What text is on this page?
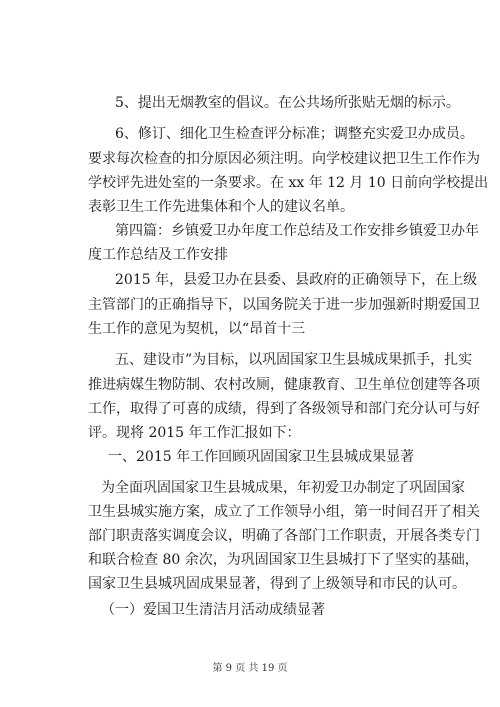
5、提出无烟教室的倡议。在公共场所张贴无烟的标示。
6、修订、细化卫生检查评分标准；调整充实爱卫办成员。
要求每次检查的扣分原因必须注明。向学校建议把卫生工作作为
学校评先进处室的一条要求。在 xx 年 12 月 10 日前向学校提出
表彰卫生工作先进集体和个人的建议名单。
第四篇：乡镇爱卫办年度工作总结及工作安排乡镇爱卫办年
度工作总结及工作安排
2015 年，县爱卫办在县委、县政府的正确领导下，在上级
主管部门的正确指导下，以国务院关于进一步加强新时期爱国卫
生工作的意见为契机，以“昂首十三
五、建设市”为目标，以巩固国家卫生县城成果抓手，扎实
推进病媒生物防制、农村改厕，健康教育、卫生单位创建等各项
工作，取得了可喜的成绩，得到了各级领导和部门充分认可与好
评。现将 2015 年工作汇报如下：
一、2015 年工作回顾巩固国家卫生县城成果显著
为全面巩固国家卫生县城成果，年初爱卫办制定了巩固国家
卫生县城实施方案，成立了工作领导小组，第一时间召开了相关
部门职责落实调度会议，明确了各部门工作职责，开展各类专门
和联合检查 80 余次，为巩固国家卫生县城打下了坚实的基础，
国家卫生县城巩固成果显著，得到了上级领导和市民的认可。
（一）爱国卫生清洁月活动成绩显著
第 9 页 共 19 页
